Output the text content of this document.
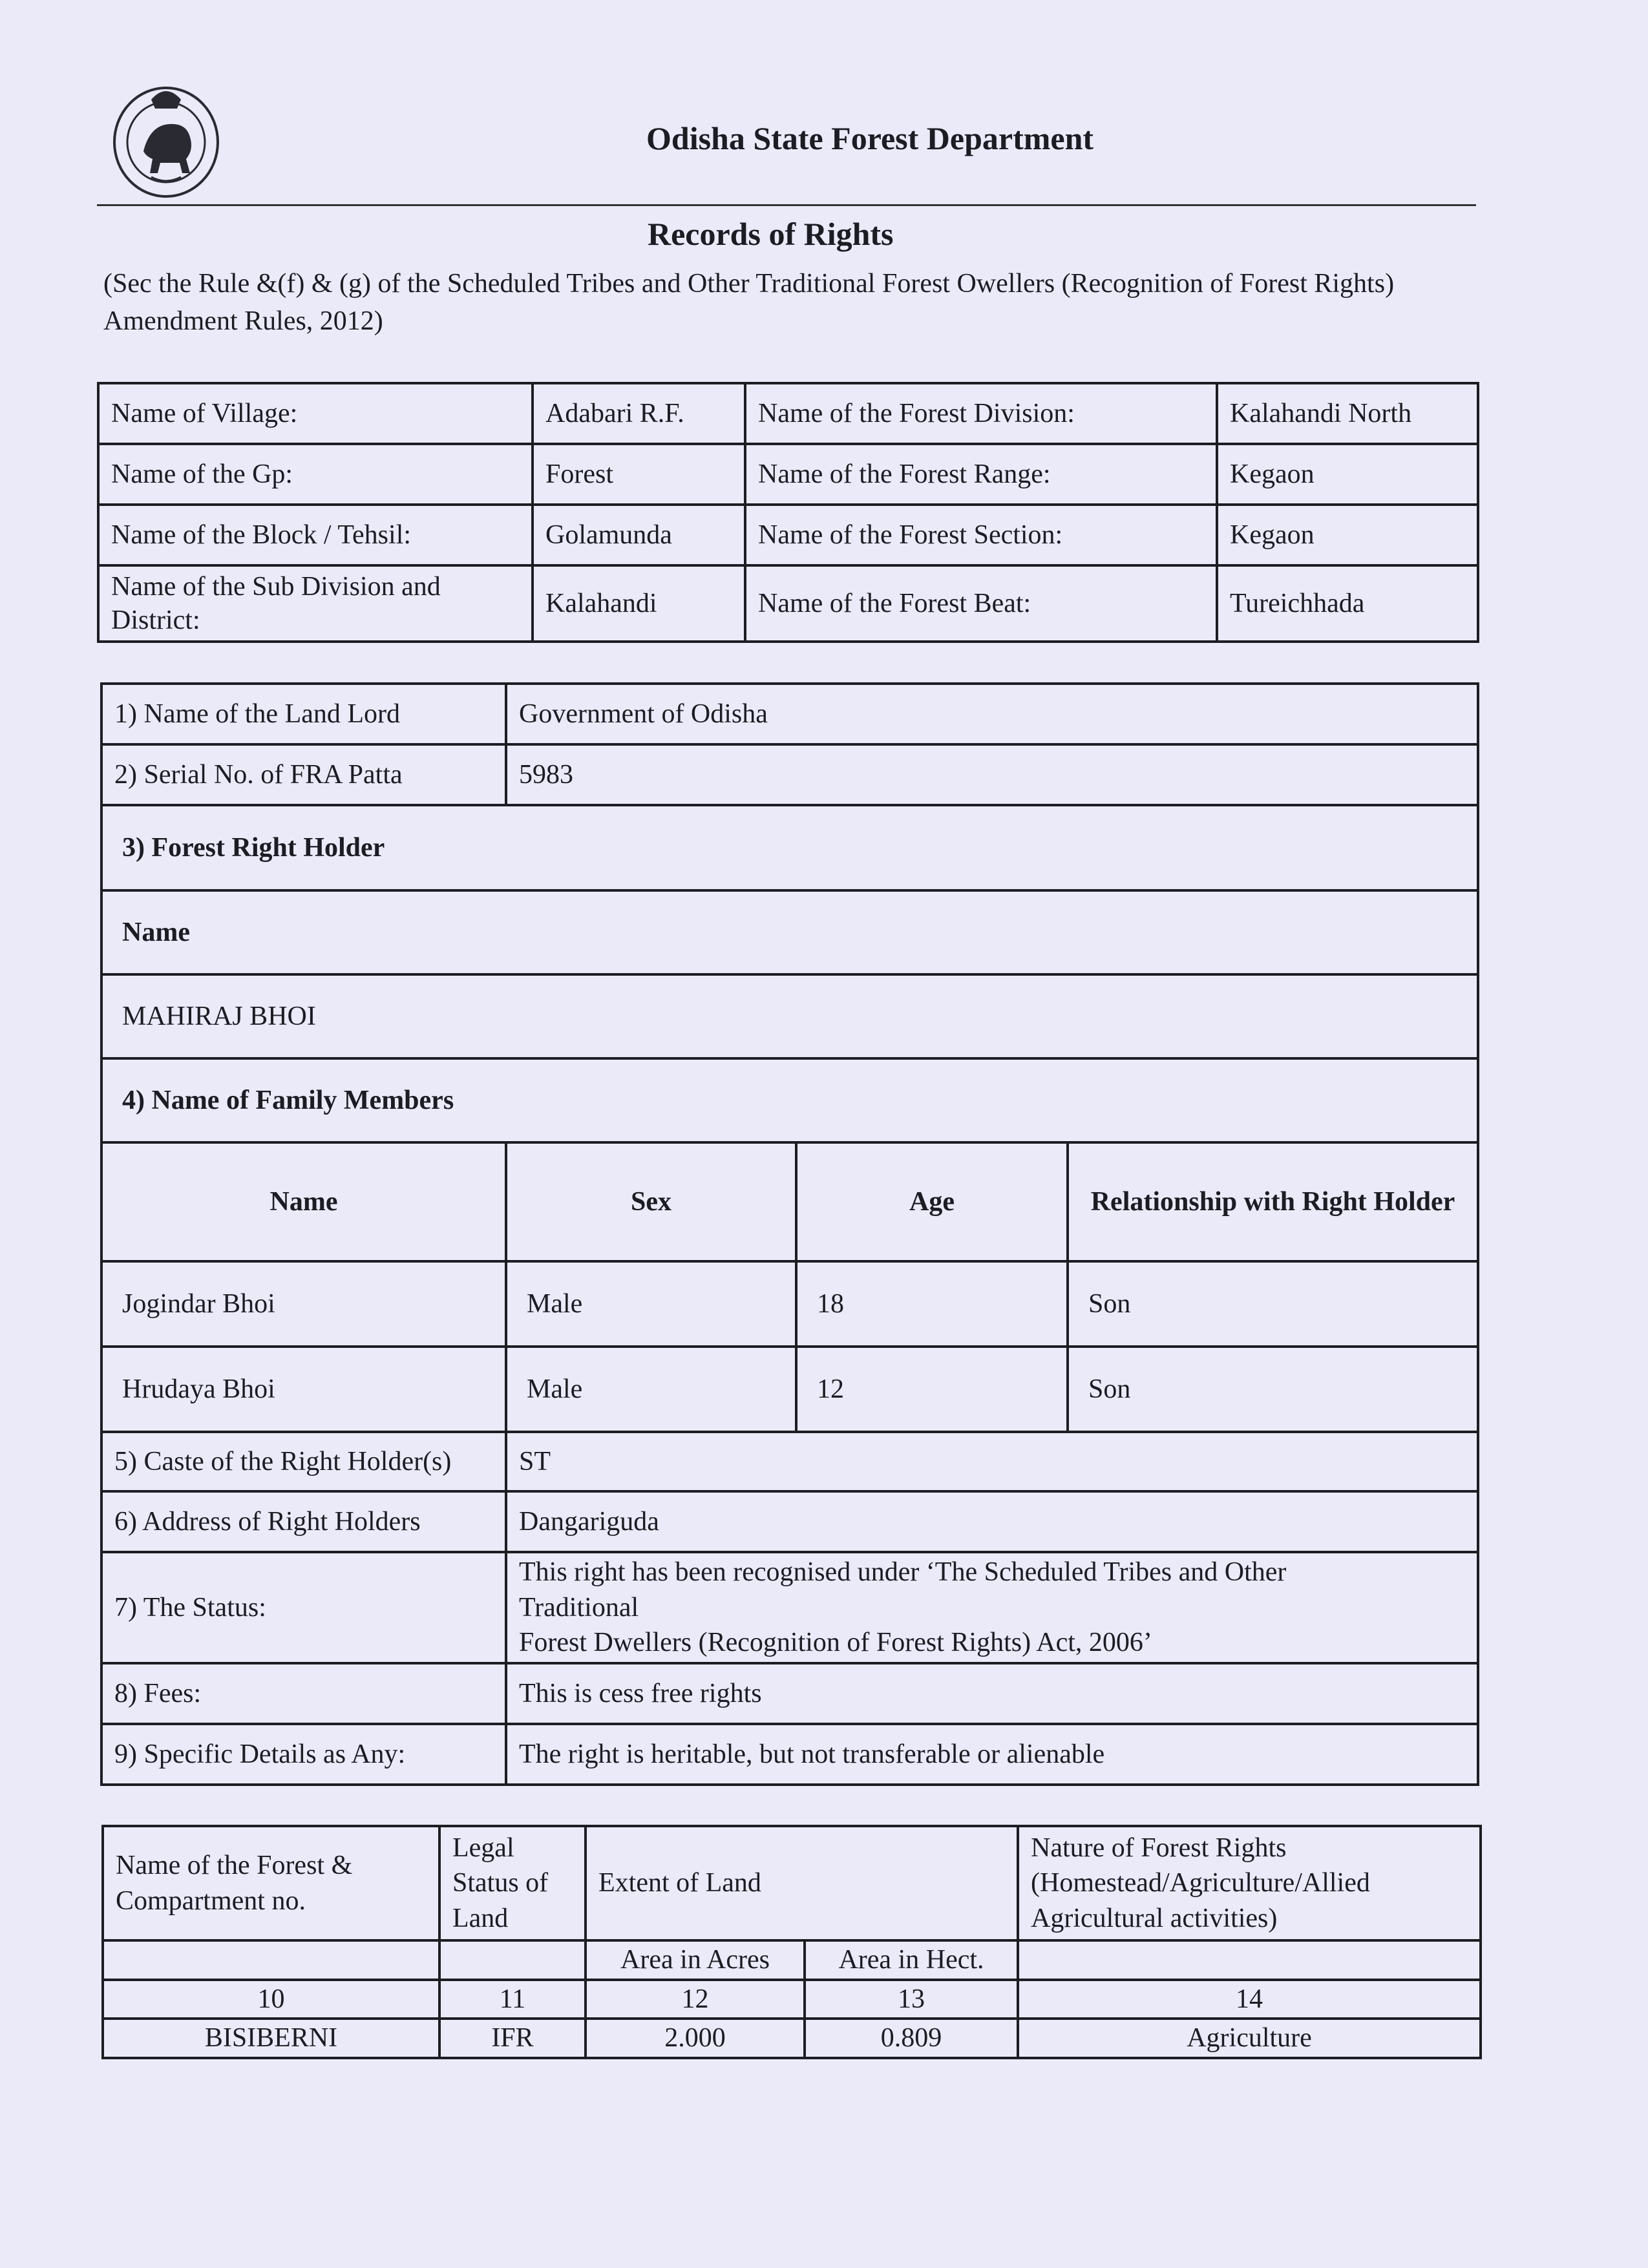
Odisha State Forest Department
Records of Rights
(Sec the Rule &(f) & (g) of the Scheduled Tribes and Other Traditional Forest Owellers (Recognition of Forest Rights) Amendment Rules, 2012)
Name of Village:	Adabari R.F.	Name of the Forest Division:	Kalahandi North
Name of the Gp:	Forest	Name of the Forest Range:	Kegaon
Name of the Block / Tehsil:	Golamunda	Name of the Forest Section:	Kegaon
Name of the Sub Division and District:	Kalahandi	Name of the Forest Beat:	Tureichhada
1) Name of the Land Lord	Government of Odisha		
2) Serial No. of FRA Patta	5983		
3) Forest Right Holder			
Name			
MAHIRAJ BHOI			
4) Name of Family Members			
Name	Sex	Age	Relationship with Right Holder
Jogindar Bhoi	Male	18	Son
Hrudaya Bhoi	Male	12	Son
5) Caste of the Right Holder(s)	ST		
6) Address of Right Holders	Dangariguda		
7) The Status:	This right has been recognised under ‘The Scheduled Tribes and Other
Traditional
Forest Dwellers (Recognition of Forest Rights) Act, 2006’		

8) Fees:	This is cess free rights		
9) Specific Details as Any:	The right is heritable, but not transferable or alienable		
Name of the Forest & Compartment no.	Legal Status of Land	Extent of Land		Nature of Forest Rights (Homestead/Agriculture/Allied Agricultural activities)
		Area in Acres	Area in Hect.	
10	11	12	13	14
BISIBERNI	IFR	2.000	0.809	Agriculture
